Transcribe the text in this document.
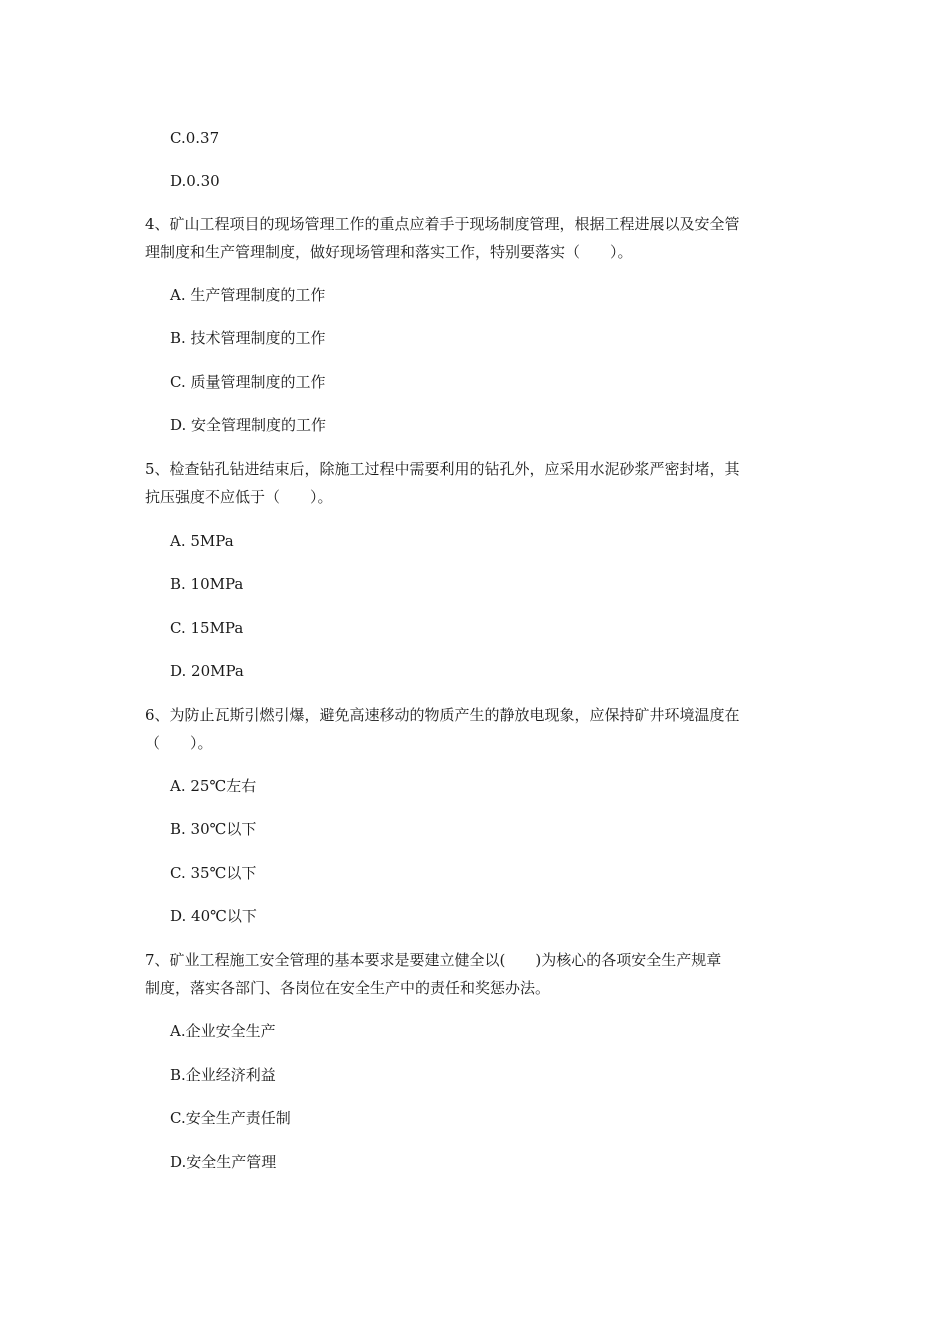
C.0.37
D.0.30
4、矿山工程项目的现场管理工作的重点应着手于现场制度管理，根据工程进展以及安全管
理制度和生产管理制度，做好现场管理和落实工作，特别要落实（　　）。
A. 生产管理制度的工作
B. 技术管理制度的工作
C. 质量管理制度的工作
D. 安全管理制度的工作
5、检查钻孔钻进结束后，除施工过程中需要利用的钻孔外，应采用水泥砂浆严密封堵，其
抗压强度不应低于（　　）。
A. 5MPa
B. 10MPa
C. 15MPa
D. 20MPa
6、为防止瓦斯引燃引爆，避免高速移动的物质产生的静放电现象，应保持矿井环境温度在
（　　）。
A. 25℃左右
B. 30℃以下
C. 35℃以下
D. 40℃以下
7、矿业工程施工安全管理的基本要求是要建立健全以(　　)为核心的各项安全生产规章
制度，落实各部门、各岗位在安全生产中的责任和奖惩办法。
A.企业安全生产
B.企业经济利益
C.安全生产责任制
D.安全生产管理
